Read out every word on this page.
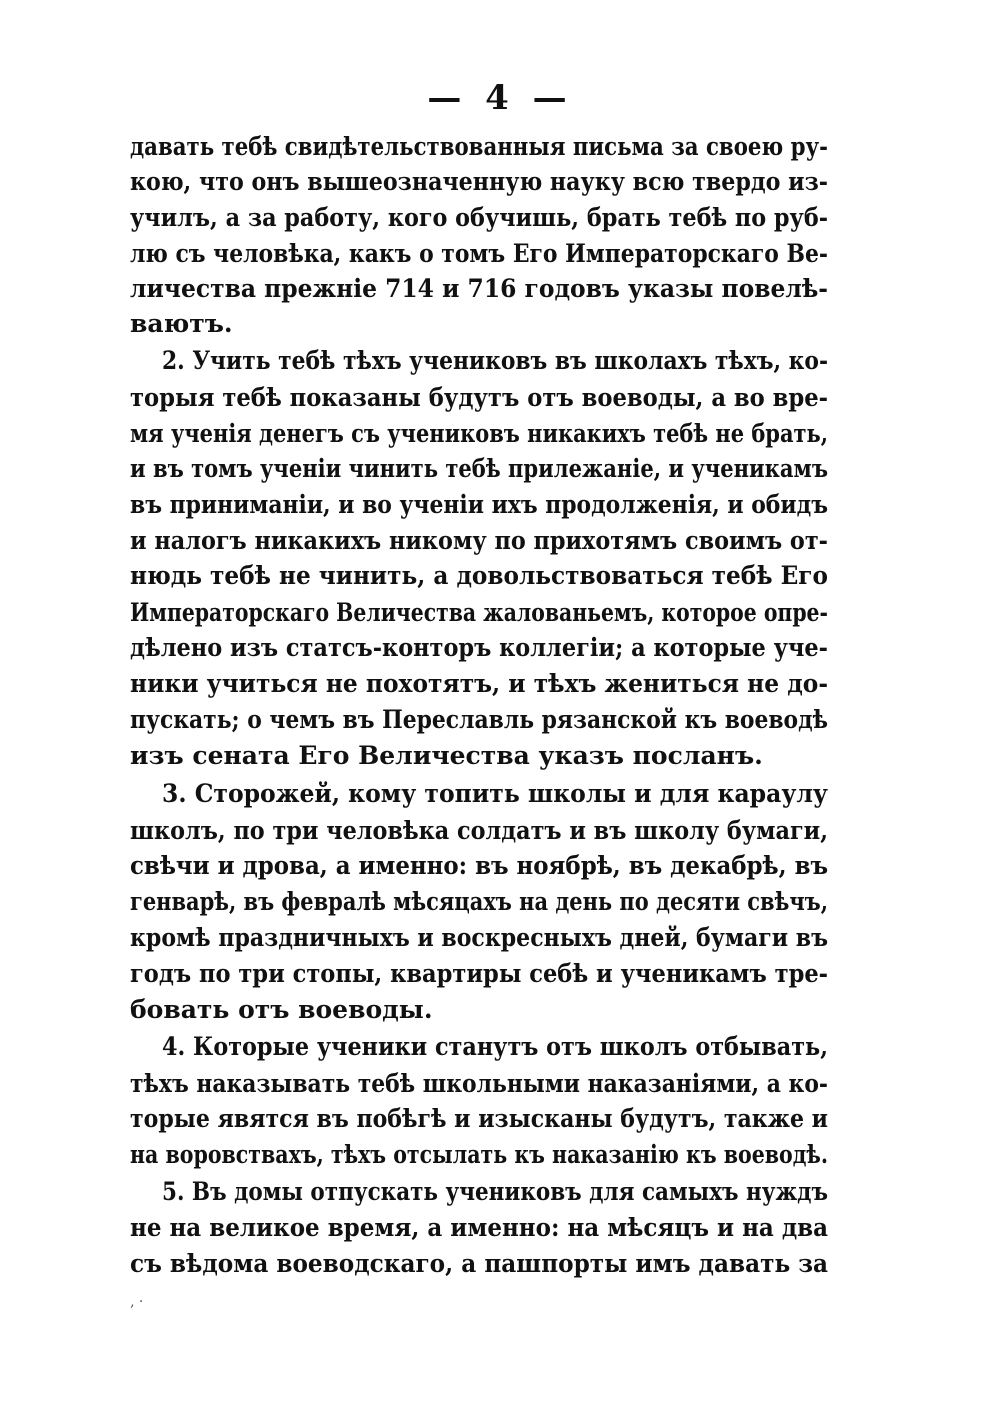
— 4 —
давать тебѣ свидѣтельствованныя письма за своею ру-
кою, что онъ вышеозначенную науку всю твердо из-
училъ, а за работу, кого обучишь, брать тебѣ по руб-
лю съ человѣка, какъ о томъ Его Императорскаго Ве-
личества прежніе 714 и 716 годовъ указы повелѣ-
ваютъ.
2. Учить тебѣ тѣхъ учениковъ въ школахъ тѣхъ, ко-
торыя тебѣ показаны будутъ отъ воеводы, а во вре-
мя ученія денегъ съ учениковъ никакихъ тебѣ не брать,
и въ томъ ученіи чинить тебѣ прилежаніе, и ученикамъ
въ приниманіи, и во ученіи ихъ продолженія, и обидъ
и налогъ никакихъ никому по прихотямъ своимъ от-
нюдь тебѣ не чинить, а довольствоваться тебѣ Его
Императорскаго Величества жалованьемъ, которое опре-
дѣлено изъ статсъ-конторъ коллегіи; а которые уче-
ники учиться не похотятъ, и тѣхъ жениться не до-
пускать; о чемъ въ Переславль рязанской къ воеводѣ
изъ сената Его Величества указъ посланъ.
3. Сторожей, кому топить школы и для караулу
школъ, по три человѣка солдатъ и въ школу бумаги,
свѣчи и дрова, а именно: въ ноябрѣ, въ декабрѣ, въ
генварѣ, въ февралѣ мѣсяцахъ на день по десяти свѣчъ,
кромѣ праздничныхъ и воскресныхъ дней, бумаги въ
годъ по три стопы, квартиры себѣ и ученикамъ тре-
бовать отъ воеводы.
4. Которые ученики станутъ отъ школъ отбывать,
тѣхъ наказывать тебѣ школьными наказаніями, а ко-
торые явятся въ побѣгѣ и изысканы будутъ, также и
на воровствахъ, тѣхъ отсылать къ наказанію къ воеводѣ.
5. Въ домы отпускать учениковъ для самыхъ нуждъ
не на великое время, а именно: на мѣсяцъ и на два
съ вѣдома воеводскаго, а пашпорты имъ давать за
‚ ·
